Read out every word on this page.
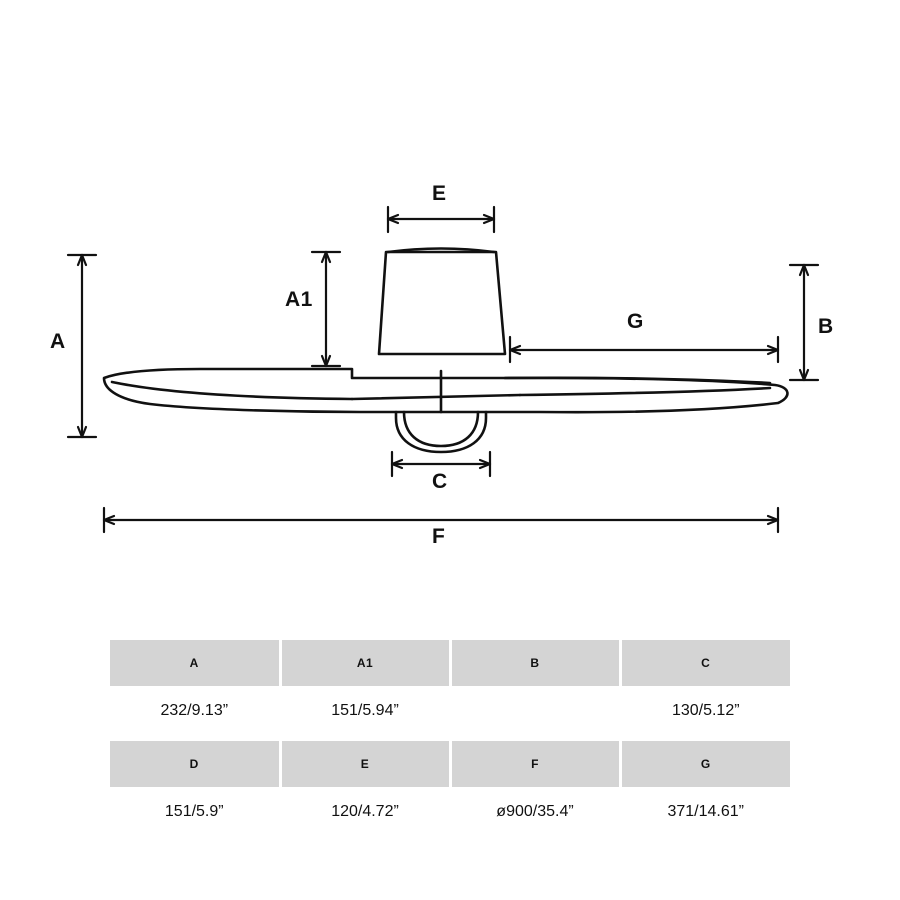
E
A
A1
B
G
C
F
A	A1	B	C
232/9.13”	151/5.94”		130/5.12”
D	E	F	G
151/5.9”	120/4.72”	ø900/35.4”	371/14.61”
